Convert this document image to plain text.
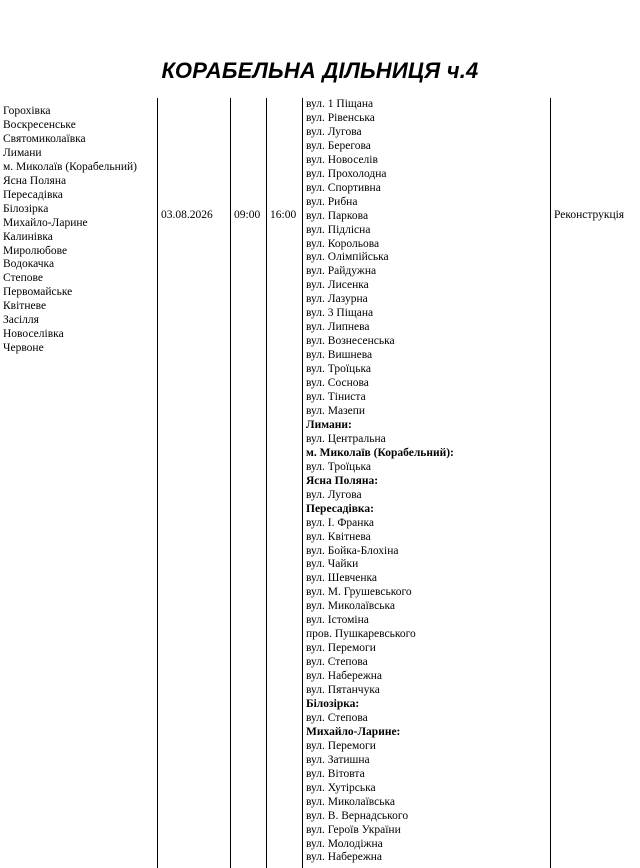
КОРАБЕЛЬНА ДІЛЬНИЦЯ ч.4
Горохівка
Воскресенське
Святомиколаївка
Лимани
м. Миколаїв (Корабельний)
Ясна Поляна
Пересадівка
Білозірка
Михайло-Ларине
Калинівка
Миролюбове
Водокачка
Степове
Первомайське
Квітневе
Засілля
Новоселівка
Червоне
03.08.2026 09:00 16:00
вул. 1 Піщана
вул. Рівенська
вул. Лугова
вул. Берегова
вул. Новоселів
вул. Прохолодна
вул. Спортивна
вул. Рибна
вул. Паркова
вул. Підлісна
вул. Корольова
вул. Олімпійська
вул. Райдужна
вул. Лисенка
вул. Лазурна
вул. 3 Піщана
вул. Липнева
вул. Вознесенська
вул. Вишнева
вул. Троїцька
вул. Соснова
вул. Тіниста
вул. Мазепи
Лимани:
вул. Центральна
м. Миколаїв (Корабельний):
вул. Троїцька
Ясна Поляна:
вул. Лугова
Пересадівка:
вул. І. Франка
вул. Квітнева
вул. Бойка-Блохіна
вул. Чайки
вул. Шевченка
вул. М. Грушевського
вул. Миколаївська
вул. Істоміна
пров. Пушкаревського
вул. Перемоги
вул. Степова
вул. Набережна
вул. Пятанчука
Білозірка:
вул. Степова
Михайло-Ларине:
вул. Перемоги
вул. Затишна
вул. Вітовта
вул. Хутірська
вул. Миколаївська
вул. В. Вернадського
вул. Героїв України
вул. Молодіжна
вул. Набережна
Реконструкція
